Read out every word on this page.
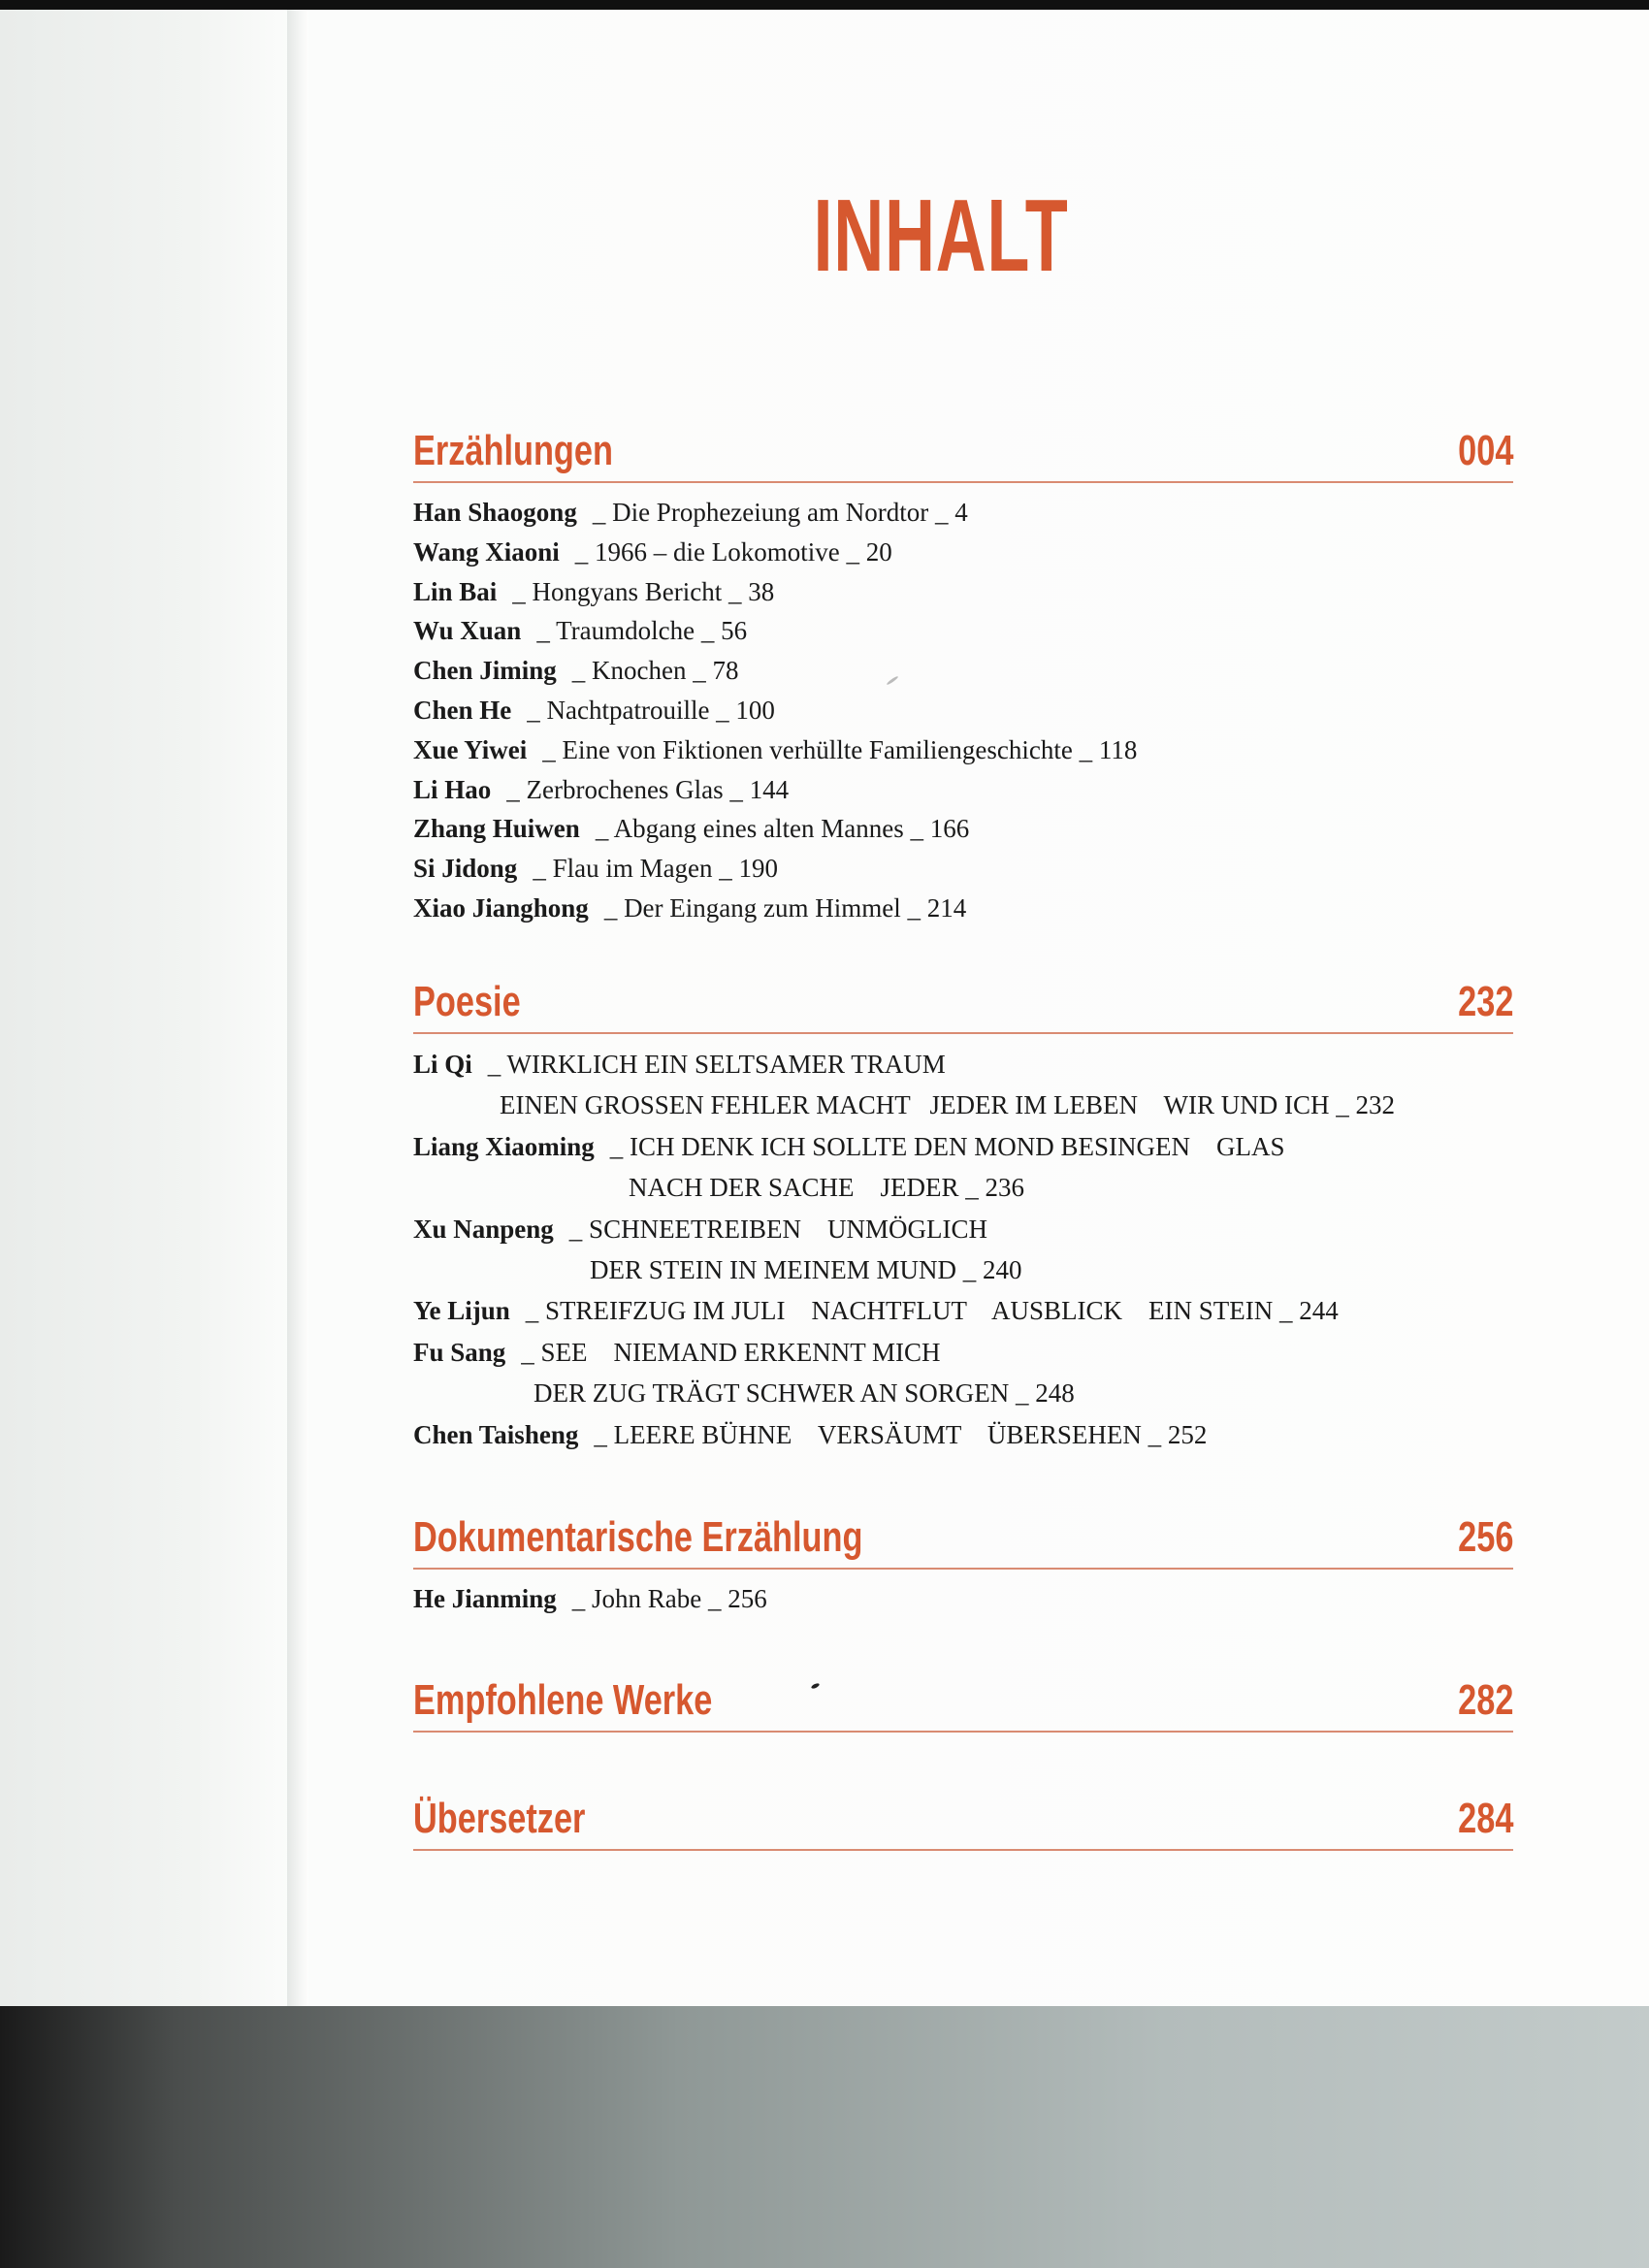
INHALT
Erzählungen	004
Han Shaogong _ Die Prophezeiung am Nordtor _ 4
Wang Xiaoni _ 1966 – die Lokomotive _ 20
Lin Bai _ Hongyans Bericht _ 38
Wu Xuan _ Traumdolche _ 56
Chen Jiming _ Knochen _ 78
Chen He _ Nachtpatrouille _ 100
Xue Yiwei _ Eine von Fiktionen verhüllte Familiengeschichte _ 118
Li Hao _ Zerbrochenes Glas _ 144
Zhang Huiwen _ Abgang eines alten Mannes _ 166
Si Jidong _ Flau im Magen _ 190
Xiao Jianghong _ Der Eingang zum Himmel _ 214
Poesie	232
Li Qi _ WIRKLICH EIN SELTSAMER TRAUM
EINEN GROSSEN FEHLER MACHT   JEDER IM LEBEN    WIR UND ICH _ 232
Liang Xiaoming _ ICH DENK ICH SOLLTE DEN MOND BESINGEN    GLAS
NACH DER SACHE    JEDER _ 236
Xu Nanpeng _ SCHNEETREIBEN    UNMÖGLICH
DER STEIN IN MEINEM MUND _ 240
Ye Lijun _ STREIFZUG IM JULI    NACHTFLUT    AUSBLICK    EIN STEIN _ 244
Fu Sang _ SEE    NIEMAND ERKENNT MICH
DER ZUG TRÄGT SCHWER AN SORGEN _ 248
Chen Taisheng _ LEERE BÜHNE    VERSÄUMT    ÜBERSEHEN _ 252
Dokumentarische Erzählung	256
He Jianming _ John Rabe _ 256
Empfohlene Werke	282
Übersetzer	284
